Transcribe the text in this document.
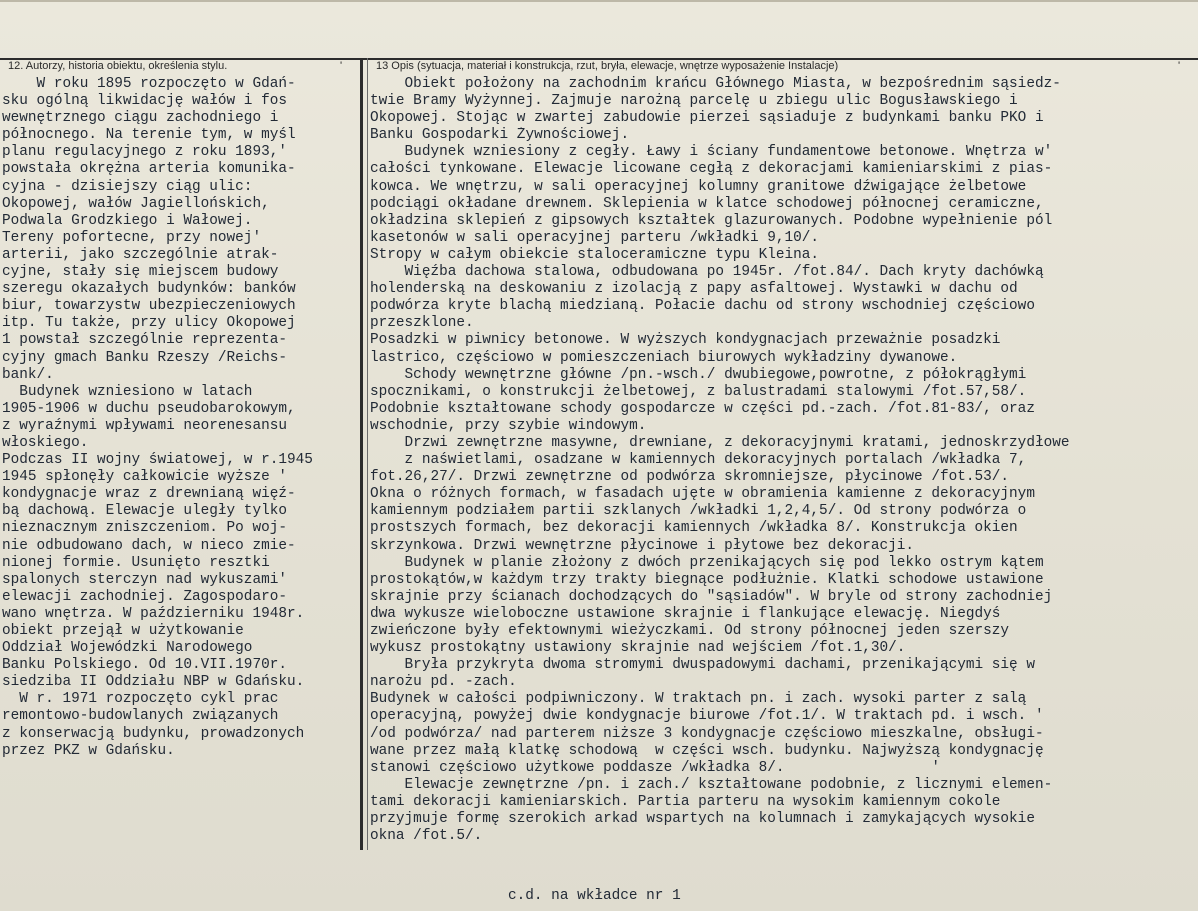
12. Autorzy, historia obiektu, określenia stylu.	'	13 Opis (sytuacja, materiał i konstrukcja, rzut, bryła, elewacje, wnętrze wyposażenie Instalacje)	'
W roku 1895 rozpoczęto w Gdań-
sku ogólną likwidację wałów i fos
wewnętrznego ciągu zachodniego i
północnego. Na terenie tym, w myśl
planu regulacyjnego z roku 1893,'
powstała okrężna arteria komunika-
cyjna - dzisiejszy ciąg ulic:
Okopowej, wałów Jagiellońskich,
Podwala Grodzkiego i Wałowej.
Tereny pofortecne, przy nowej'
arterii, jako szczególnie atrak-
cyjne, stały się miejscem budowy
szeregu okazałych budynków: banków
biur, towarzystw ubezpieczeniowych
itp. Tu także, przy ulicy Okopowej
1 powstał szczególnie reprezenta-
cyjny gmach Banku Rzeszy /Reichs-
bank/.
Budynek wzniesiono w latach
1905-1906 w duchu pseudobarokowym,
z wyraźnymi wpływami neorenesansu
włoskiego.
Podczas II wojny światowej, w r.1945
1945 spłonęły całkowicie wyższe '
kondygnacje wraz z drewnianą więź-
bą dachową. Elewacje uległy tylko
nieznacznym zniszczeniom. Po woj-
nie odbudowano dach, w nieco zmie-
nionej formie. Usunięto resztki
spalonych sterczyn nad wykuszami'
elewacji zachodniej. Zagospodaro-
wano wnętrza. W październiku 1948r.
obiekt przejął w użytkowanie
Oddział Wojewódzki Narodowego
Banku Polskiego. Od 10.VII.1970r.
siedziba II Oddziału NBP w Gdańsku.
W r. 1971 rozpoczęto cykl prac
remontowo-budowlanych związanych
z konserwacją budynku, prowadzonych
przez PKZ w Gdańsku.
Obiekt położony na zachodnim krańcu Głównego Miasta, w bezpośrednim sąsiedz-
twie Bramy Wyżynnej. Zajmuje narożną parcelę u zbiegu ulic Bogusławskiego i
Okopowej. Stojąc w zwartej zabudowie pierzei sąsiaduje z budynkami banku PKO i
Banku Gospodarki Żywnościowej.
Budynek wzniesiony z cegły. Ławy i ściany fundamentowe betonowe. Wnętrza w'
całości tynkowane. Elewacje licowane cegłą z dekoracjami kamieniarskimi z pias-
kowca. We wnętrzu, w sali operacyjnej kolumny granitowe dźwigające żelbetowe
podciągi okładane drewnem. Sklepienia w klatce schodowej północnej ceramiczne,
okładzina sklepień z gipsowych kształtek glazurowanych. Podobne wypełnienie pól
kasetonów w sali operacyjnej parteru /wkładki 9,10/.
Stropy w całym obiekcie staloceramiczne typu Kleina.
Więźba dachowa stalowa, odbudowana po 1945r. /fot.84/. Dach kryty dachówką
holenderską na deskowaniu z izolacją z papy asfaltowej. Wystawki w dachu od
podwórza kryte blachą miedzianą. Połacie dachu od strony wschodniej częściowo
przeszklone.
Posadzki w piwnicy betonowe. W wyższych kondygnacjach przeważnie posadzki
lastrico, częściowo w pomieszczeniach biurowych wykładziny dywanowe.
Schody wewnętrzne główne /pn.-wsch./ dwubiegowe,powrotne, z półokrągłymi
spocznikami, o konstrukcji żelbetowej, z balustradami stalowymi /fot.57,58/.
Podobnie kształtowane schody gospodarcze w części pd.-zach. /fot.81-83/, oraz
wschodnie, przy szybie windowym.
Drzwi zewnętrzne masywne, drewniane, z dekoracyjnymi kratami, jednoskrzydłowe
z naświetlami, osadzane w kamiennych dekoracyjnych portalach /wkładka 7,
fot.26,27/. Drzwi zewnętrzne od podwórza skromniejsze, płycinowe /fot.53/.
Okna o różnych formach, w fasadach ujęte w obramienia kamienne z dekoracyjnym
kamiennym podziałem partii szklanych /wkładki 1,2,4,5/. Od strony podwórza o
prostszych formach, bez dekoracji kamiennych /wkładka 8/. Konstrukcja okien
skrzynkowa. Drzwi wewnętrzne płycinowe i płytowe bez dekoracji.
Budynek w planie złożony z dwóch przenikających się pod lekko ostrym kątem
prostokątów,w każdym trzy trakty biegnące podłużnie. Klatki schodowe ustawione
skrajnie przy ścianach dochodzących do "sąsiadów". W bryle od strony zachodniej
dwa wykusze wieloboczne ustawione skrajnie i flankujące elewację. Niegdyś
zwieńczone były efektownymi wieżyczkami. Od strony północnej jeden szerszy
wykusz prostokątny ustawiony skrajnie nad wejściem /fot.1,30/.
Bryła przykryta dwoma stromymi dwuspadowymi dachami, przenikającymi się w
narożu pd. -zach.
Budynek w całości podpiwniczony. W traktach pn. i zach. wysoki parter z salą
operacyjną, powyżej dwie kondygnacje biurowe /fot.1/. W traktach pd. i wsch. '
/od podwórza/ nad parterem niższe 3 kondygnacje częściowo mieszkalne, obsługi-
wane przez małą klatkę schodową  w części wsch. budynku. Najwyższą kondygnację
stanowi częściowo użytkowe poddasze /wkładka 8/.                 '
Elewacje zewnętrzne /pn. i zach./ kształtowane podobnie, z licznymi elemen-
tami dekoracji kamieniarskich. Partia parteru na wysokim kamiennym cokole
przyjmuje formę szerokich arkad wspartych na kolumnach i zamykających wysokie
okna /fot.5/.
c.d. na wkładce nr 1
